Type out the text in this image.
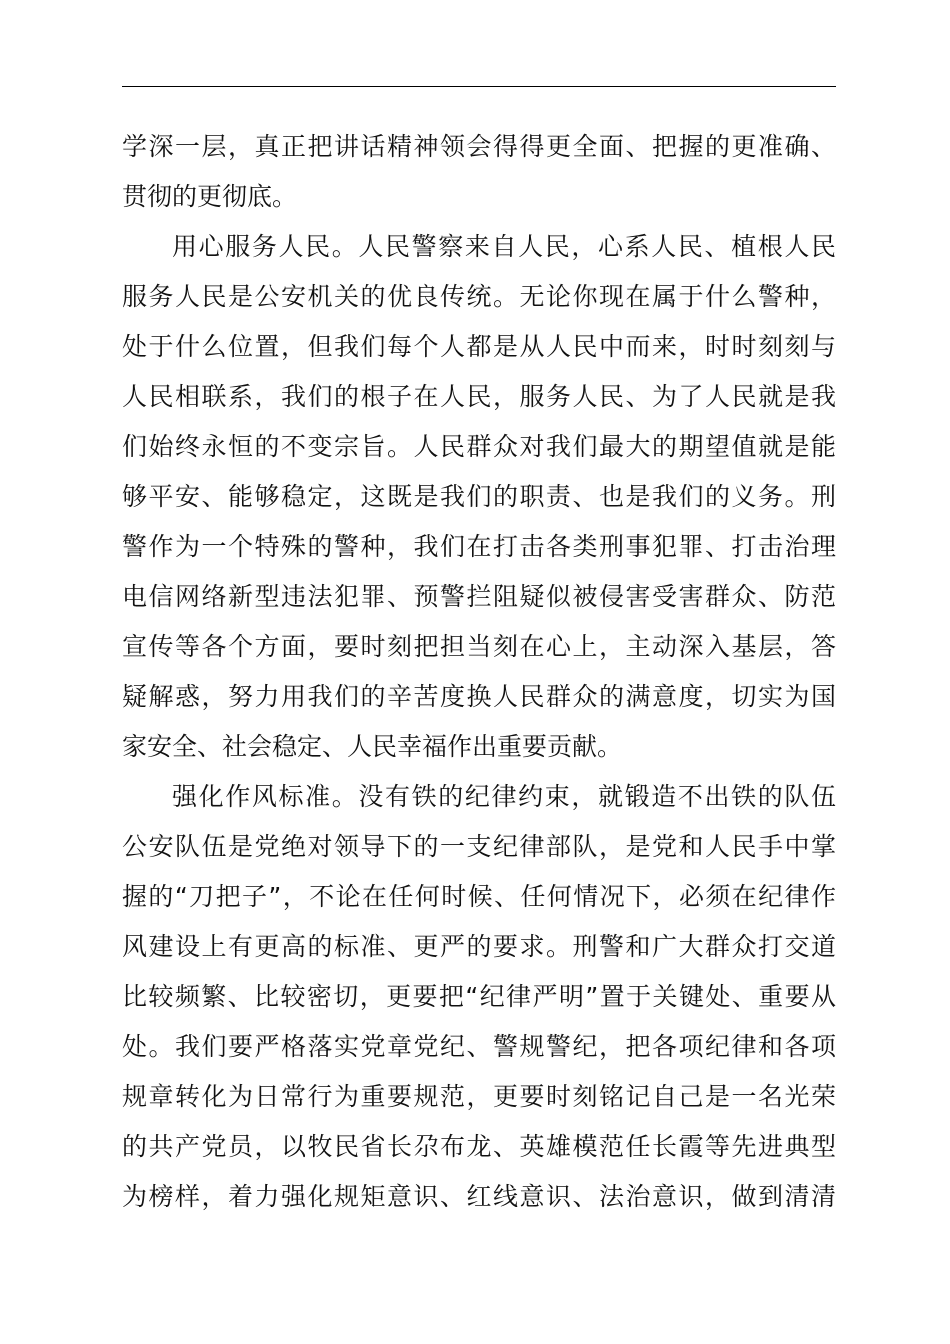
学深一层，真正把讲话精神领会得得更全面、把握的更准确、
贯彻的更彻底。
用心服务人民。人民警察来自人民，心系人民、植根人民
服务人民是公安机关的优良传统。无论你现在属于什么警种，
处于什么位置，但我们每个人都是从人民中而来，时时刻刻与
人民相联系，我们的根子在人民，服务人民、为了人民就是我
们始终永恒的不变宗旨。人民群众对我们最大的期望值就是能
够平安、能够稳定，这既是我们的职责、也是我们的义务。刑
警作为一个特殊的警种，我们在打击各类刑事犯罪、打击治理
电信网络新型违法犯罪、预警拦阻疑似被侵害受害群众、防范
宣传等各个方面，要时刻把担当刻在心上，主动深入基层，答
疑解惑，努力用我们的辛苦度换人民群众的满意度，切实为国
家安全、社会稳定、人民幸福作出重要贡献。
强化作风标准。没有铁的纪律约束，就锻造不出铁的队伍
公安队伍是党绝对领导下的一支纪律部队，是党和人民手中掌
握的“刀把子”，不论在任何时候、任何情况下，必须在纪律作
风建设上有更高的标准、更严的要求。刑警和广大群众打交道
比较频繁、比较密切，更要把“纪律严明”置于关键处、重要从
处。我们要严格落实党章党纪、警规警纪，把各项纪律和各项
规章转化为日常行为重要规范，更要时刻铭记自己是一名光荣
的共产党员，以牧民省长尕布龙、英雄模范任长霞等先进典型
为榜样，着力强化规矩意识、红线意识、法治意识，做到清清
